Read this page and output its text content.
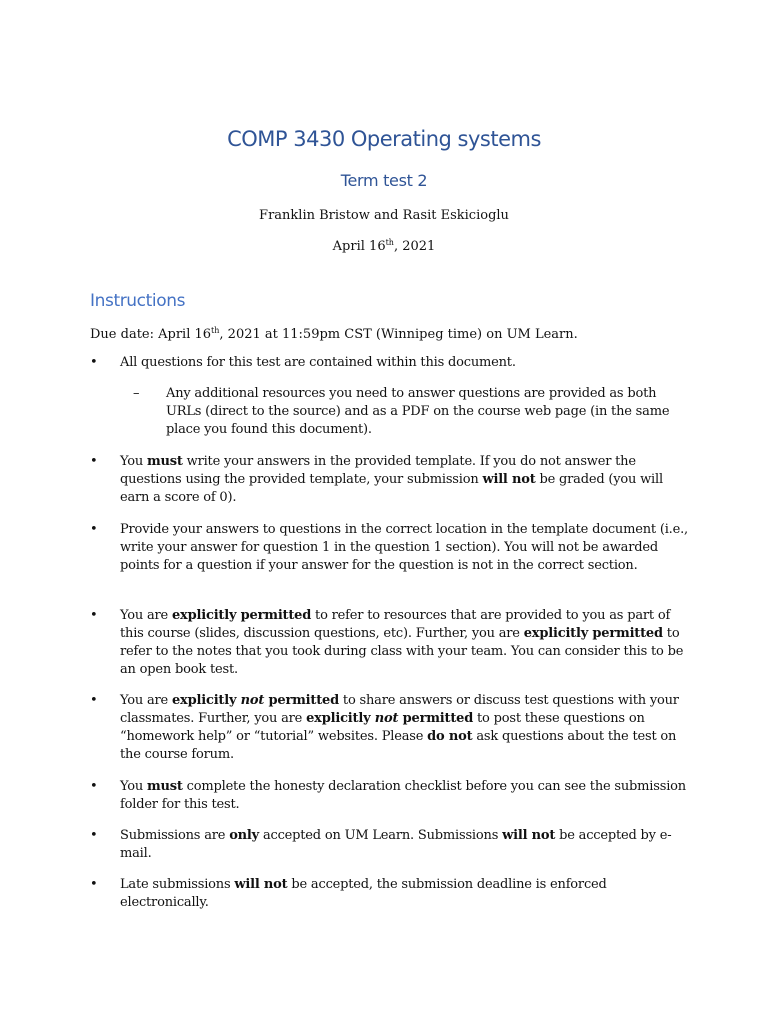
COMP 3430 Operating systems
Term test 2
Franklin Bristow and Rasit Eskicioglu
April 16th, 2021
Instructions
Due date: April 16th, 2021 at 11:59pm CST (Winnipeg time) on UM Learn.
•	All questions for this test are contained within this document.
– Any additional resources you need to answer questions are provided as both URLs (direct to the source) and as a PDF on the course web page (in the same place you found this document).
•	You must write your answers in the provided template. If you do not answer the questions using the provided template, your submission will not be graded (you will earn a score of 0).
•	Provide your answers to questions in the correct location in the template document (i.e., write your answer for question 1 in the question 1 section). You will not be awarded points for a question if your answer for the question is not in the correct section.
•	You are explicitly permitted to refer to resources that are provided to you as part of this course (slides, discussion questions, etc). Further, you are explicitly permitted to refer to the notes that you took during class with your team. You can consider this to be an open book test.
•	You are explicitly not permitted to share answers or discuss test questions with your classmates. Further, you are explicitly not permitted to post these questions on “homework help” or “tutorial” websites. Please do not ask questions about the test on the course forum.
•	You must complete the honesty declaration checklist before you can see the submission folder for this test.
•	Submissions are only accepted on UM Learn. Submissions will not be accepted by e-mail.
•	Late submissions will not be accepted, the submission deadline is enforced electronically.
